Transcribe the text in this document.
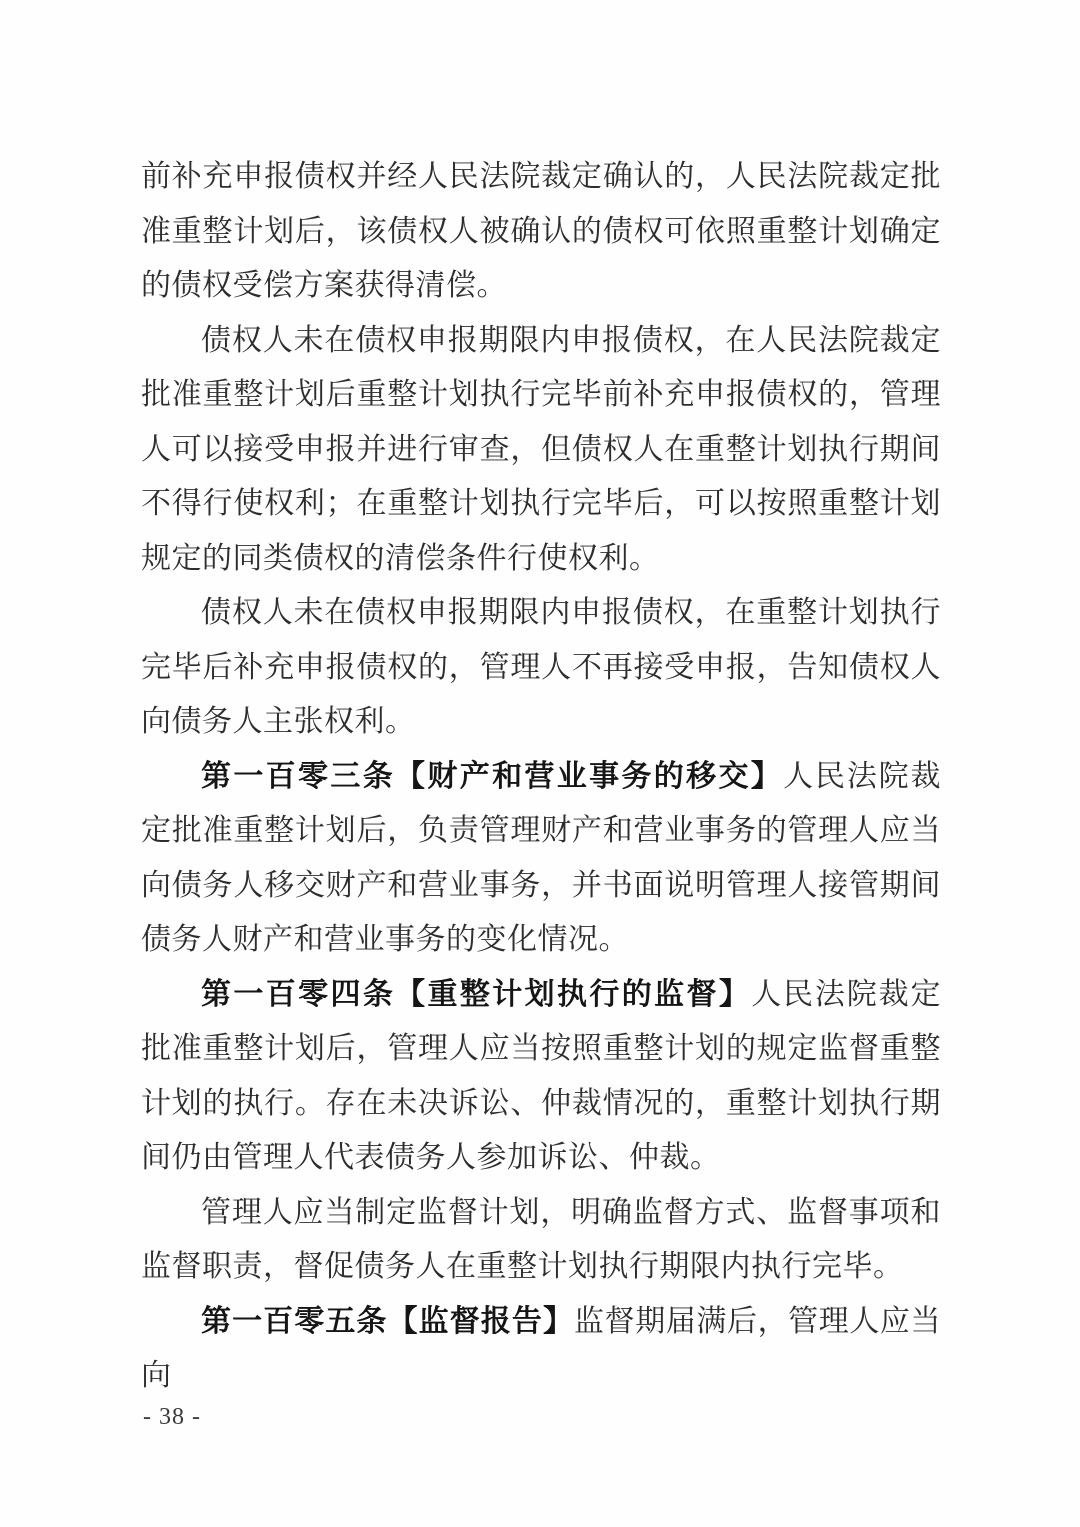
前补充申报债权并经人民法院裁定确认的，人民法院裁定批准重整计划后，该债权人被确认的债权可依照重整计划确定的债权受偿方案获得清偿。

债权人未在债权申报期限内申报债权，在人民法院裁定批准重整计划后重整计划执行完毕前补充申报债权的，管理人可以接受申报并进行审查，但债权人在重整计划执行期间不得行使权利；在重整计划执行完毕后，可以按照重整计划规定的同类债权的清偿条件行使权利。

债权人未在债权申报期限内申报债权，在重整计划执行完毕后补充申报债权的，管理人不再接受申报，告知债权人向债务人主张权利。

第一百零三条【财产和营业事务的移交】人民法院裁定批准重整计划后，负责管理财产和营业事务的管理人应当向债务人移交财产和营业事务，并书面说明管理人接管期间债务人财产和营业事务的变化情况。

第一百零四条【重整计划执行的监督】人民法院裁定批准重整计划后，管理人应当按照重整计划的规定监督重整计划的执行。存在未决诉讼、仲裁情况的，重整计划执行期间仍由管理人代表债务人参加诉讼、仲裁。

管理人应当制定监督计划，明确监督方式、监督事项和监督职责，督促债务人在重整计划执行期限内执行完毕。

第一百零五条【监督报告】监督期届满后，管理人应当向

- 38 -
